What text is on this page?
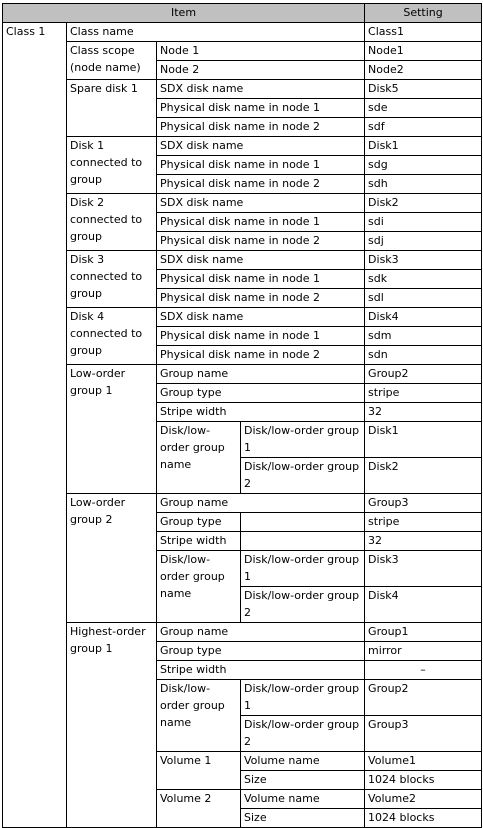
Item				Setting
Class 1	Class name			Class1
	Class scope (node name)	Node 1		Node1
		Node 2		Node2
	Spare disk 1	SDX disk name		Disk5
		Physical disk name in node 1		sde
		Physical disk name in node 2		sdf
	Disk 1 connected to group	SDX disk name		Disk1
		Physical disk name in node 1		sdg
		Physical disk name in node 2		sdh
	Disk 2 connected to group	SDX disk name		Disk2
		Physical disk name in node 1		sdi
		Physical disk name in node 2		sdj
	Disk 3 connected to group	SDX disk name		Disk3
		Physical disk name in node 1		sdk
		Physical disk name in node 2		sdl
	Disk 4 connected to group	SDX disk name		Disk4
		Physical disk name in node 1		sdm
		Physical disk name in node 2		sdn
	Low-order group 1	Group name		Group2
		Group type		stripe
		Stripe width		32
		Disk/low-order group name	Disk/low-order group 1	Disk1
			Disk/low-order group 2	Disk2
	Low-order group 2	Group name		Group3
		Group type		stripe
		Stripe width		32
		Disk/low-order group name	Disk/low-order group 1	Disk3
			Disk/low-order group 2	Disk4
	Highest-order group 1	Group name		Group1
		Group type		mirror
		Stripe width		–
		Disk/low-order group name	Disk/low-order group 1	Group2
			Disk/low-order group 2	Group3
		Volume 1	Volume name	Volume1
			Size	1024 blocks
		Volume 2	Volume name	Volume2
			Size	1024 blocks
